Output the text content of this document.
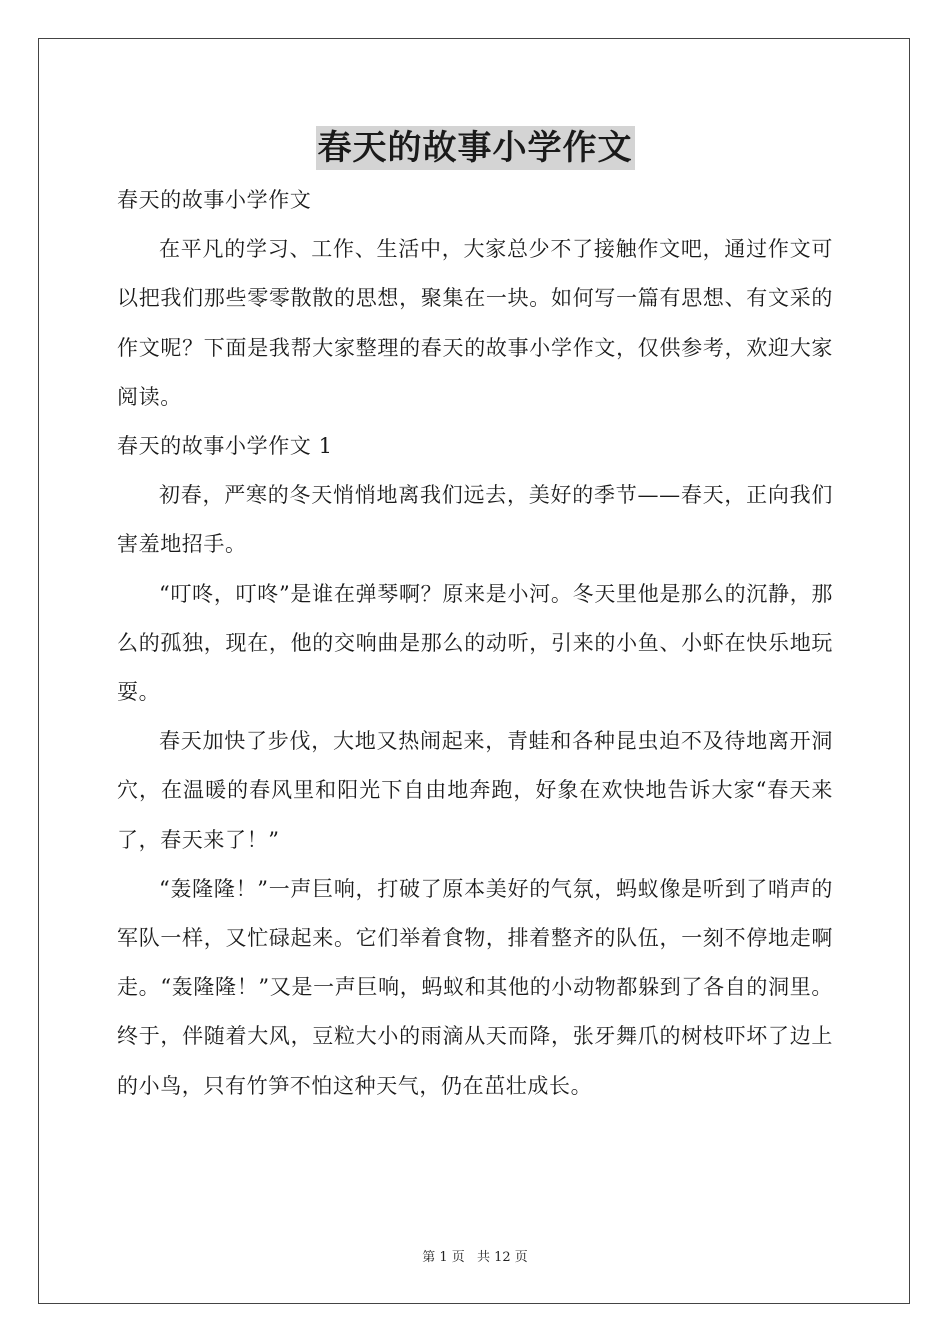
春天的故事小学作文

春天的故事小学作文

在平凡的学习、工作、生活中，大家总少不了接触作文吧，通过作文可以把我们那些零零散散的思想，聚集在一块。如何写一篇有思想、有文采的作文呢？下面是我帮大家整理的春天的故事小学作文，仅供参考，欢迎大家阅读。

春天的故事小学作文 1

初春，严寒的冬天悄悄地离我们远去，美好的季节——春天，正向我们害羞地招手。

“叮咚，叮咚”是谁在弹琴啊？原来是小河。冬天里他是那么的沉静，那么的孤独，现在，他的交响曲是那么的动听，引来的小鱼、小虾在快乐地玩耍。

春天加快了步伐，大地又热闹起来，青蛙和各种昆虫迫不及待地离开洞穴，在温暖的春风里和阳光下自由地奔跑，好象在欢快地告诉大家“春天来了，春天来了！”

“轰隆隆！”一声巨响，打破了原本美好的气氛，蚂蚁像是听到了哨声的军队一样，又忙碌起来。它们举着食物，排着整齐的队伍，一刻不停地走啊走。“轰隆隆！”又是一声巨响，蚂蚁和其他的小动物都躲到了各自的洞里。终于，伴随着大风，豆粒大小的雨滴从天而降，张牙舞爪的树枝吓坏了边上的小鸟，只有竹笋不怕这种天气，仍在茁壮成长。

第 1 页 共 12 页
